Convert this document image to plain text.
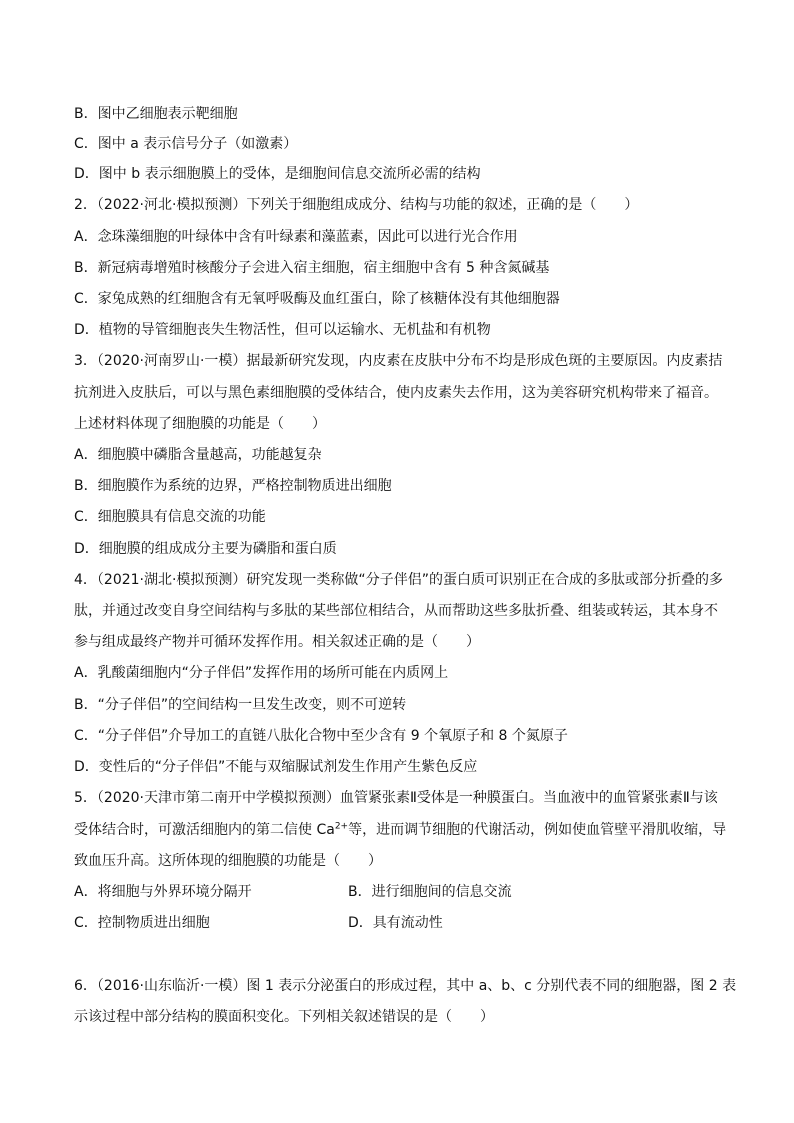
B．图中乙细胞表示靶细胞
C．图中 a 表示信号分子（如激素）
D．图中 b 表示细胞膜上的受体，是细胞间信息交流所必需的结构
2．（2022·河北·模拟预测）下列关于细胞组成成分、结构与功能的叙述，正确的是（　　）
A．念珠藻细胞的叶绿体中含有叶绿素和藻蓝素，因此可以进行光合作用
B．新冠病毒增殖时核酸分子会进入宿主细胞，宿主细胞中含有 5 种含氮碱基
C．家兔成熟的红细胞含有无氧呼吸酶及血红蛋白，除了核糖体没有其他细胞器
D．植物的导管细胞丧失生物活性，但可以运输水、无机盐和有机物
3．（2020·河南罗山·一模）据最新研究发现，内皮素在皮肤中分布不均是形成色斑的主要原因。内皮素拮
抗剂进入皮肤后，可以与黑色素细胞膜的受体结合，使内皮素失去作用，这为美容研究机构带来了福音。
上述材料体现了细胞膜的功能是（　　）
A．细胞膜中磷脂含量越高，功能越复杂
B．细胞膜作为系统的边界，严格控制物质进出细胞
C．细胞膜具有信息交流的功能
D．细胞膜的组成成分主要为磷脂和蛋白质
4．（2021·湖北·模拟预测）研究发现一类称做“分子伴侣”的蛋白质可识别正在合成的多肽或部分折叠的多
肽，并通过改变自身空间结构与多肽的某些部位相结合，从而帮助这些多肽折叠、组装或转运，其本身不
参与组成最终产物并可循环发挥作用。相关叙述正确的是（　　）
A．乳酸菌细胞内“分子伴侣”发挥作用的场所可能在内质网上
B．“分子伴侣”的空间结构一旦发生改变，则不可逆转
C．“分子伴侣”介导加工的直链八肽化合物中至少含有 9 个氧原子和 8 个氮原子
D．变性后的“分子伴侣”不能与双缩脲试剂发生作用产生紫色反应
5．（2020·天津市第二南开中学模拟预测）血管紧张素Ⅱ受体是一种膜蛋白。当血液中的血管紧张素Ⅱ与该
受体结合时，可激活细胞内的第二信使 $Ca^{2+}$等，进而调节细胞的代谢活动，例如使血管壁平滑肌收缩，导
致血压升高。这所体现的细胞膜的功能是（　　）
A．将细胞与外界环境分隔开	B．进行细胞间的信息交流
C．控制物质进出细胞	D．具有流动性
6．（2016·山东临沂·一模）图 1 表示分泌蛋白的形成过程，其中 a、b、c 分别代表不同的细胞器，图 2 表
示该过程中部分结构的膜面积变化。下列相关叙述错误的是（　　）
